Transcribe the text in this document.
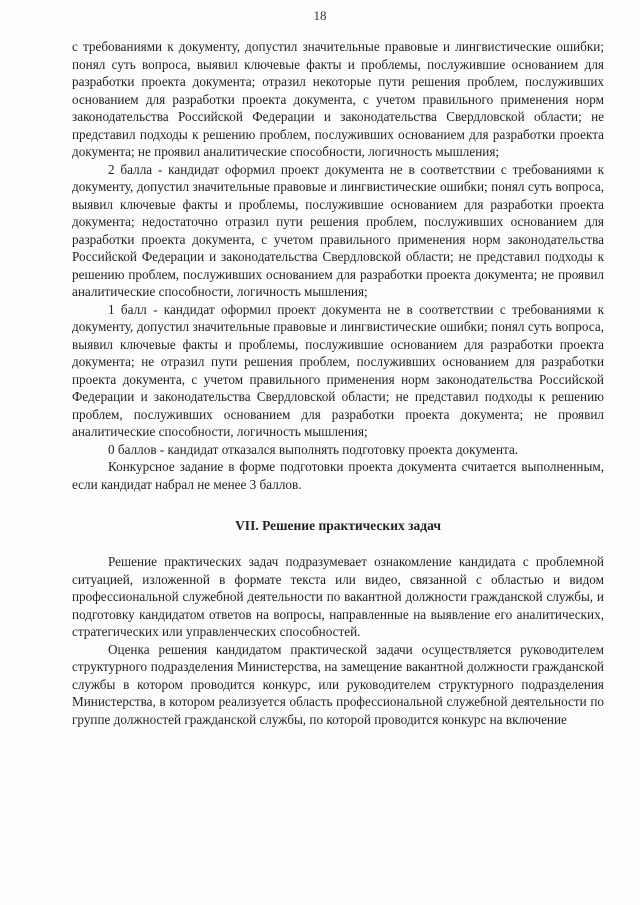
18

с требованиями к документу, допустил значительные правовые и лингвистические ошибки; понял суть вопроса, выявил ключевые факты и проблемы, послужившие основанием для разработки проекта документа; отразил некоторые пути решения проблем, послуживших основанием для разработки проекта документа, с учетом правильного применения норм законодательства Российской Федерации и законодательства Свердловской области; не представил подходы к решению проблем, послуживших основанием для разработки проекта документа; не проявил аналитические способности, логичность мышления;

2 балла - кандидат оформил проект документа не в соответствии с требованиями к документу, допустил значительные правовые и лингвистические ошибки; понял суть вопроса, выявил ключевые факты и проблемы, послужившие основанием для разработки проекта документа; недостаточно отразил пути решения проблем, послуживших основанием для разработки проекта документа, с учетом правильного применения норм законодательства Российской Федерации и законодательства Свердловской области; не представил подходы к решению проблем, послуживших основанием для разработки проекта документа; не проявил аналитические способности, логичность мышления;

1 балл - кандидат оформил проект документа не в соответствии с требованиями к документу, допустил значительные правовые и лингвистические ошибки; понял суть вопроса, выявил ключевые факты и проблемы, послужившие основанием для разработки проекта документа; не отразил пути решения проблем, послуживших основанием для разработки проекта документа, с учетом правильного применения норм законодательства Российской Федерации и законодательства Свердловской области; не представил подходы к решению проблем, послуживших основанием для разработки проекта документа; не проявил аналитические способности, логичность мышления;

0 баллов - кандидат отказался выполнять подготовку проекта документа.

Конкурсное задание в форме подготовки проекта документа считается выполненным, если кандидат набрал не менее 3 баллов.

VII. Решение практических задач

Решение практических задач подразумевает ознакомление кандидата с проблемной ситуацией, изложенной в формате текста или видео, связанной с областью и видом профессиональной служебной деятельности по вакантной должности гражданской службы, и подготовку кандидатом ответов на вопросы, направленные на выявление его аналитических, стратегических или управленческих способностей.

Оценка решения кандидатом практической задачи осуществляется руководителем структурного подразделения Министерства, на замещение вакантной должности гражданской службы в котором проводится конкурс, или руководителем структурного подразделения Министерства, в котором реализуется область профессиональной служебной деятельности по группе должностей гражданской службы, по которой проводится конкурс на включение
